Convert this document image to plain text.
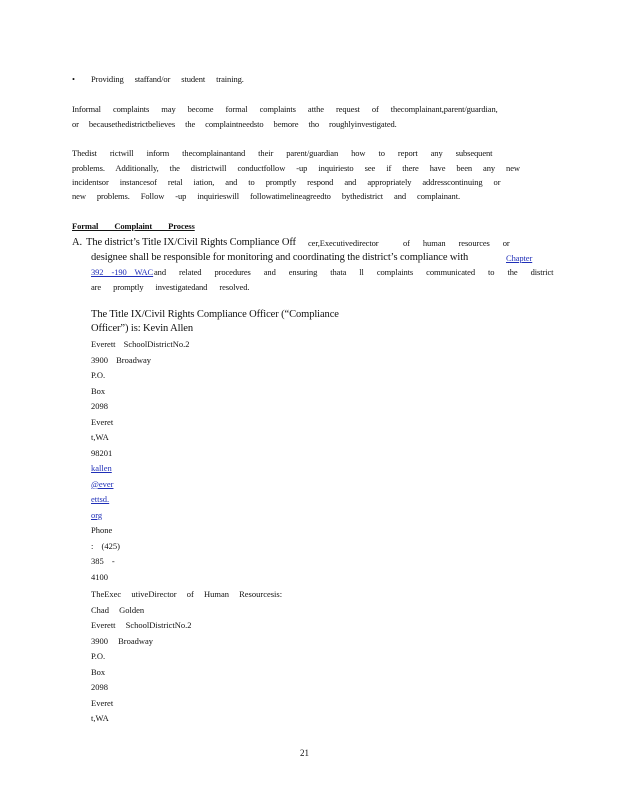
• Providing staffand/or student training.
Informal complaints may become formal complaints atthe request of thecomplainant,parent/guardian,
or becausethedistrictbelieves the complaintneedsto bemore tho roughlyinvestigated.
Thedist rictwill inform thecomplainantand their parent/guardian how to report any subsequent
problems. Additionally, the districtwill conductfollow -up inquiriesto see if there have been any new
incidentsor instancesof retal iation, and to promptly respond and appropriately addresscontinuing or
new problems. Follow -up inquirieswill followatimelineagreedto bythedistrict and complainant.
Formal Complaint Process
A. The district’s Title IX/Civil Rights Compliance Off cer,Executivedirector	of human resources or
designee shall be responsible for monitoring and coordinating the district’s compliance with	Chapter
392 -190 WAC and related procedures and ensuring thata ll complaints communicated to the district
are promptly investigatedand resolved.
The Title IX/Civil Rights Compliance Officer (“Compliance
Officer”) is: Kevin Allen
Everett SchoolDistrictNo.2
3900 Broadway
P.O.
Box
2098
Everet
t,WA
98201
kallen
@ever
ettsd.
org
Phone
: (425)
385 -
4100
TheExec utiveDirector of Human Resourcesis:
Chad Golden
Everett SchoolDistrictNo.2
3900 Broadway
P.O.
Box
2098
Everet
t,WA
21
